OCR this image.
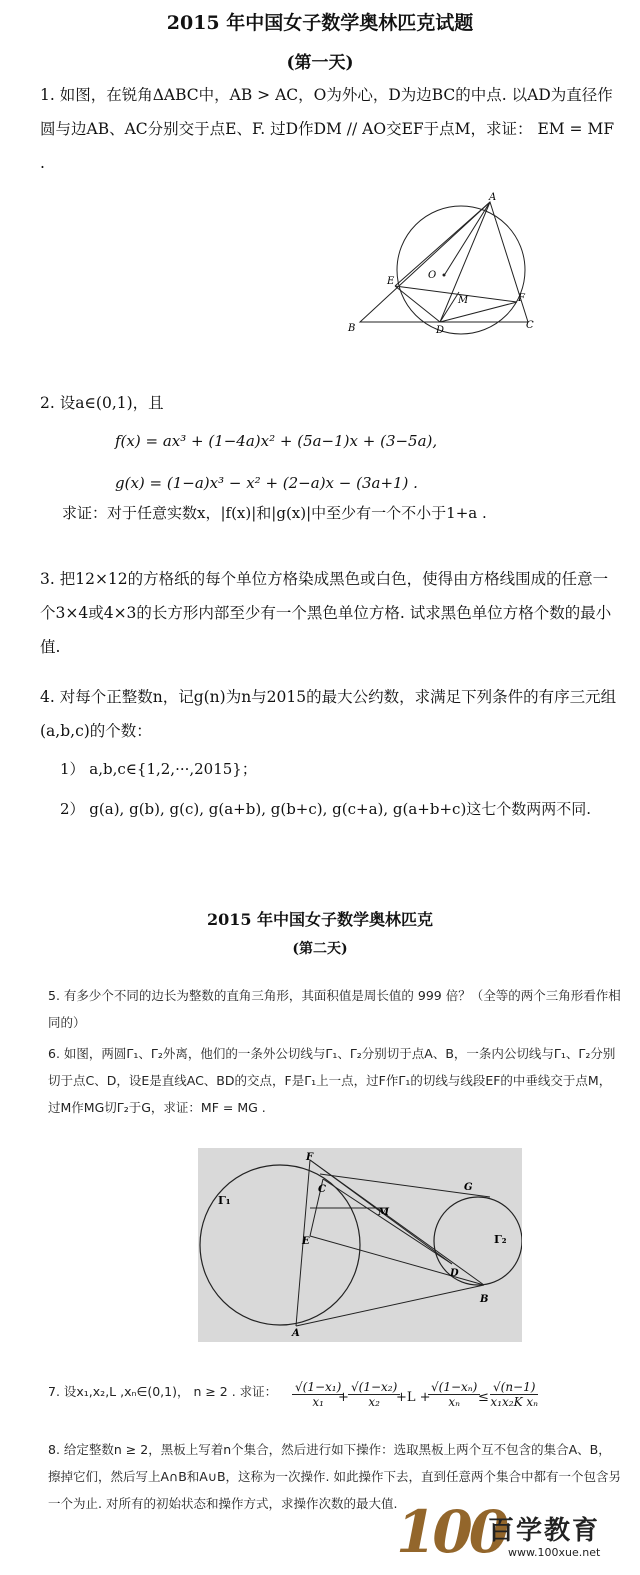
2015 年中国女子数学奥林匹克试题
(第一天)
1. 如图，在锐角ΔABC中，AB > AC，O为外心，D为边BC的中点. 以AD为直径作圆与边AB、AC分别交于点E、F. 过D作DM // AO交EF于点M，求证： EM = MF .
A
B	C
D
E
F
M
O
2. 设a∈(0,1)，且
f(x) = ax³ + (1−4a)x² + (5a−1)x + (3−5a),
g(x) = (1−a)x³ − x² + (2−a)x − (3a+1) .
求证：对于任意实数x，|f(x)|和|g(x)|中至少有一个不小于1+a .
3. 把12×12的方格纸的每个单位方格染成黑色或白色，使得由方格线围成的任意一个3×4或4×3的长方形内部至少有一个黑色单位方格. 试求黑色单位方格个数的最小值.
4. 对每个正整数n，记g(n)为n与2015的最大公约数，求满足下列条件的有序三元组(a,b,c)的个数：
1） a,b,c∈{1,2,···,2015}；
2） g(a), g(b), g(c), g(a+b), g(b+c), g(c+a), g(a+b+c)这七个数两两不同.
2015 年中国女子数学奥林匹克
(第二天)
5. 有多少个不同的边长为整数的直角三角形，其面积值是周长值的 999 倍？（全等的两个三角形看作相同的）
6. 如图，两圆Γ₁、Γ₂外离，他们的一条外公切线与Γ₁、Γ₂分别切于点A、B，一条内公切线与Γ₁、Γ₂分别切于点C、D，设E是直线AC、BD的交点，F是Γ₁上一点，过F作Γ₁的切线与线段EF的中垂线交于点M，过M作MG切Γ₂于G，求证：MF = MG .
F
C
M
G
E
D
B
A
Γ₁
Γ₂
7. 设x₁,x₂,L ,xₙ∈(0,1)， n ≥ 2 . 求证：	$\frac{\text{√(1−x₁)}}{\text{x₁}}$
+ $\frac{\text{√(1−x₂)}}{\text{x₂}}$
+L +
$\frac{\text{√(1−xₙ)}}{\text{xₙ}}$
≤ $\frac{√(n-1)}{\text{x₁x₂K xₙ}}$
8. 给定整数n ≥ 2，黑板上写着n个集合，然后进行如下操作：选取黑板上两个互不包含的集合A、B，擦掉它们，然后写上A∩B和A∪B，这称为一次操作. 如此操作下去，直到任意两个集合中都有一个包含另一个为止. 对所有的初始状态和操作方式，求操作次数的最大值.
100
百学教育
www.100xue.net
